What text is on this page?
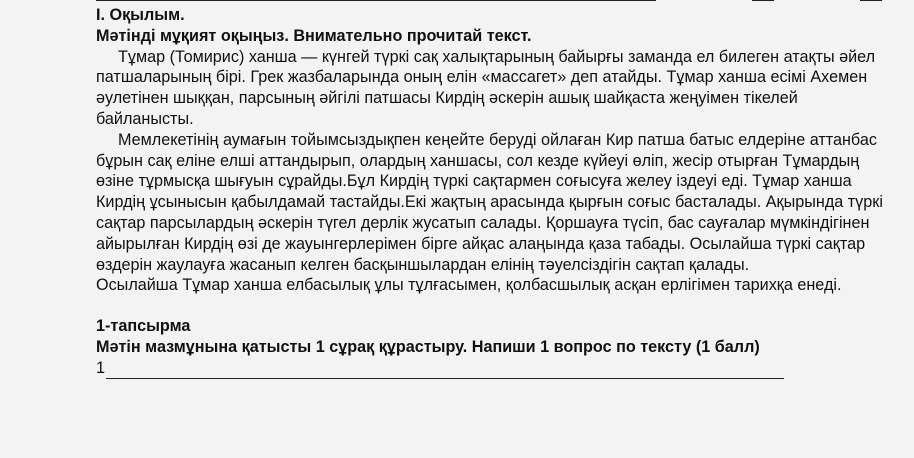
I. Оқылым.

Мәтінді мұқият оқыңыз. Внимательно прочитай текст.

Тұмар (Томирис) ханша — күнгей түркі сақ халықтарының байырғы заманда ел билеген атақты әйел патшаларының бірі. Грек жазбаларында оның елін «массагет» деп атайды. Тұмар ханша есімі Ахемен әулетінен шыққан, парсының әйгілі патшасы Кирдің әскерін ашық шайқаста жеңуімен тікелей байланысты.

Мемлекетінің аумағын тойымсыздықпен кеңейте беруді ойлаған Кир патша батыс елдеріне аттанбас бұрын сақ еліне елші аттандырып, олардың ханшасы, сол кезде күйеуі өліп, жесір отырған Тұмардың өзіне тұрмысқа шығуын сұрайды.Бұл Кирдің түркі сақтармен соғысуға желеу іздеуі еді. Тұмар ханша Кирдің ұсынысын қабылдамай тастайды.Екі жақтың арасында қырғын соғыс басталады. Ақырында түркі сақтар парсылардың әскерін түгел дерлік жусатып салады. Қоршауға түсіп, бас сауғалар мүмкіндігінен айырылған Кирдің өзі де жауынгерлерімен бірге айқас алаңында қаза табады. Осылайша түркі сақтар өздерін жаулауға жасанып келген басқыншылардан елінің тәуелсіздігін сақтап қалады.

Осылайша Тұмар ханша елбасылық ұлы тұлғасымен, қолбасшылық асқан ерлігімен тарихқа енеді.

1-тапсырма

Мәтін мазмұнына қатысты 1 сұрақ құрастыру. Напиши 1 вопрос по тексту (1 балл)

1
